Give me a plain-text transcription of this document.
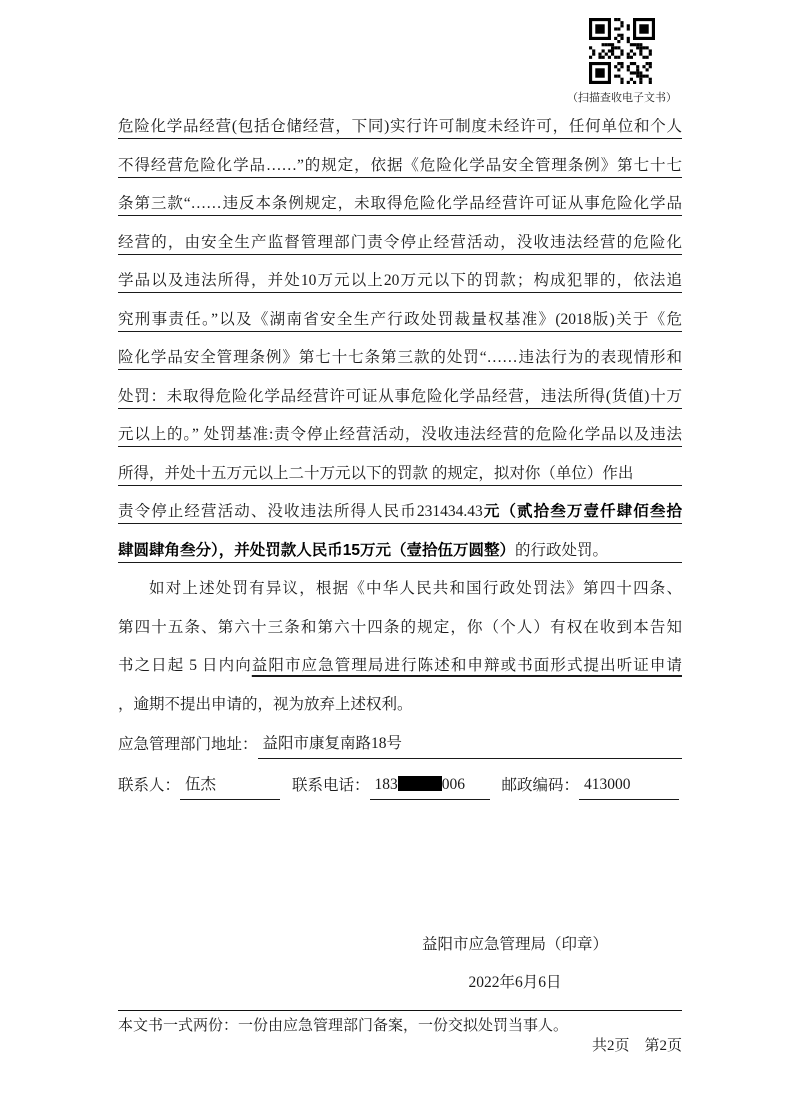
（扫描查收电子文书）
危险化学品经营(包括仓储经营，下同)实行许可制度未经许可，任何单位和个人
不得经营危险化学品……”的规定，依据《危险化学品安全管理条例》第七十七
条第三款“……违反本条例规定，未取得危险化学品经营许可证从事危险化学品
经营的，由安全生产监督管理部门责令停止经营活动，没收违法经营的危险化
学品以及违法所得，并处10万元以上20万元以下的罚款；构成犯罪的，依法追
究刑事责任。”以及《湖南省安全生产行政处罚裁量权基准》(2018版)关于《危
险化学品安全管理条例》第七十七条第三款的处罚“……违法行为的表现情形和
处罚：未取得危险化学品经营许可证从事危险化学品经营，违法所得(货值)十万
元以上的。” 处罚基准:责令停止经营活动，没收违法经营的危险化学品以及违法
所得，并处十五万元以上二十万元以下的罚款 的规定，拟对你（单位）作出
责令停止经营活动、没收违法所得人民币231434.43元（贰拾叁万壹仟肆佰叁拾
肆圆肆角叁分），并处罚款人民币15万元（壹拾伍万圆整）的行政处罚。
如对上述处罚有异议，根据《中华人民共和国行政处罚法》第四十四条、
第四十五条、第六十三条和第六十四条的规定，你（个人）有权在收到本告知
书之日起 5 日内向益阳市应急管理局进行陈述和申辩或书面形式提出听证申请
，逾期不提出申请的，视为放弃上述权利。
应急管理部门地址： 益阳市康复南路18号
联系人： 伍杰	联系电话： 183	006	邮政编码： 413000
益阳市应急管理局（印章）
2022年6月6日
本文书一式两份：一份由应急管理部门备案，一份交拟处罚当事人。
共2页　第2页
